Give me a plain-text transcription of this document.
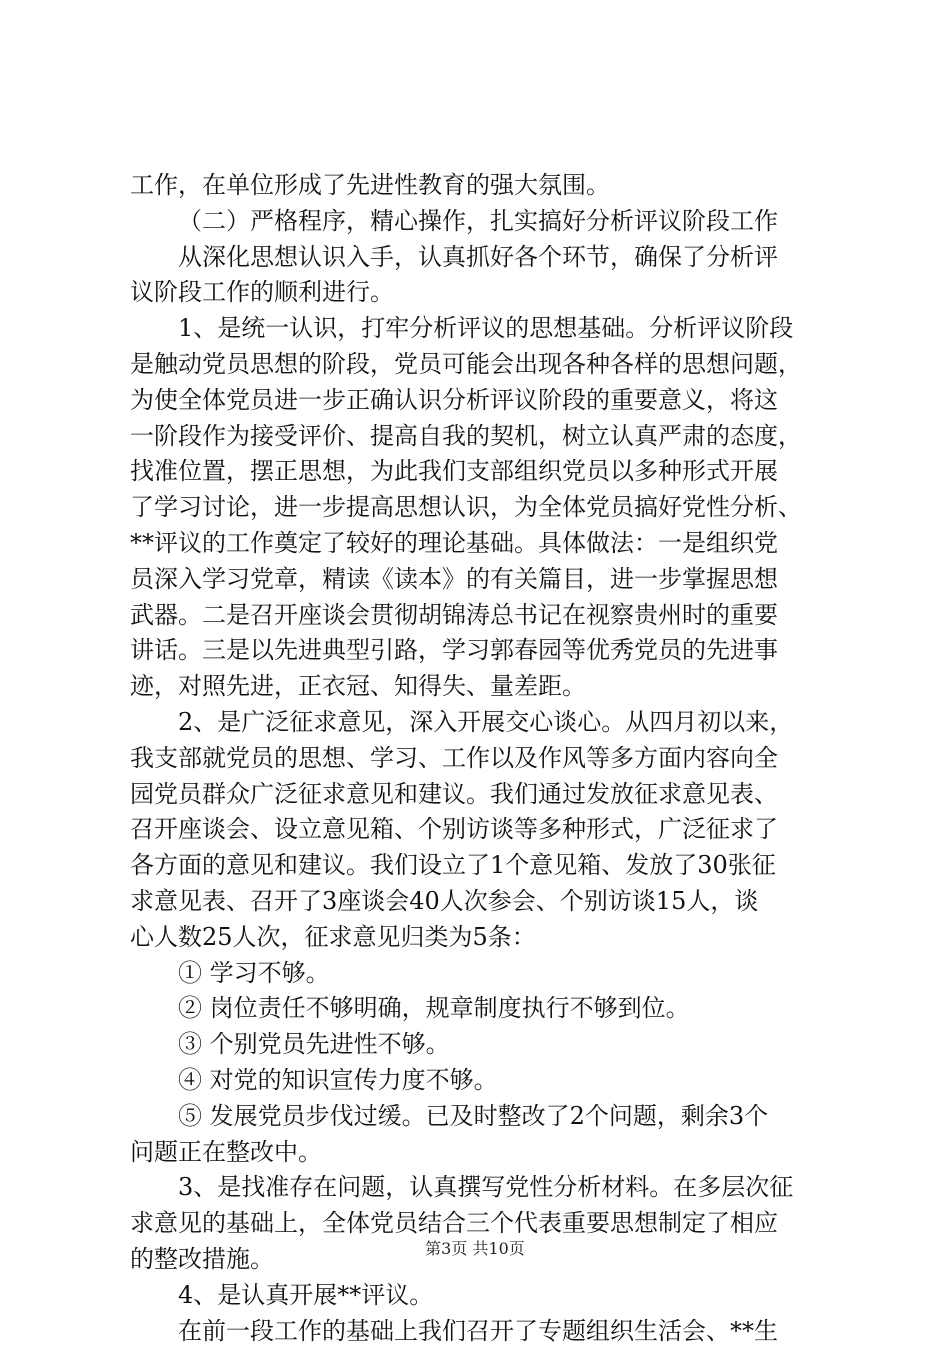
工作，在单位形成了先进性教育的强大氛围。
（二）严格程序，精心操作，扎实搞好分析评议阶段工作
从深化思想认识入手，认真抓好各个环节，确保了分析评
议阶段工作的顺利进行。
1、是统一认识，打牢分析评议的思想基础。分析评议阶段
是触动党员思想的阶段，党员可能会出现各种各样的思想问题，
为使全体党员进一步正确认识分析评议阶段的重要意义，将这
一阶段作为接受评价、提高自我的契机，树立认真严肃的态度，
找准位置，摆正思想，为此我们支部组织党员以多种形式开展
了学习讨论，进一步提高思想认识，为全体党员搞好党性分析、
**评议的工作奠定了较好的理论基础。具体做法：一是组织党
员深入学习党章，精读《读本》的有关篇目，进一步掌握思想
武器。二是召开座谈会贯彻胡锦涛总书记在视察贵州时的重要
讲话。三是以先进典型引路，学习郭春园等优秀党员的先进事
迹，对照先进，正衣冠、知得失、量差距。
2、是广泛征求意见，深入开展交心谈心。从四月初以来，
我支部就党员的思想、学习、工作以及作风等多方面内容向全
园党员群众广泛征求意见和建议。我们通过发放征求意见表、
召开座谈会、设立意见箱、个别访谈等多种形式，广泛征求了
各方面的意见和建议。我们设立了1个意见箱、发放了30张征
求意见表、召开了3座谈会40人次参会、个别访谈15人，谈
心人数25人次，征求意见归类为5条：
① 学习不够。
② 岗位责任不够明确，规章制度执行不够到位。
③ 个别党员先进性不够。
④ 对党的知识宣传力度不够。
⑤ 发展党员步伐过缓。已及时整改了2个问题，剩余3个
问题正在整改中。
3、是找准存在问题，认真撰写党性分析材料。在多层次征
求意见的基础上，全体党员结合三个代表重要思想制定了相应
的整改措施。
4、是认真开展**评议。
在前一段工作的基础上我们召开了专题组织生活会、**生
第3页 共10页
